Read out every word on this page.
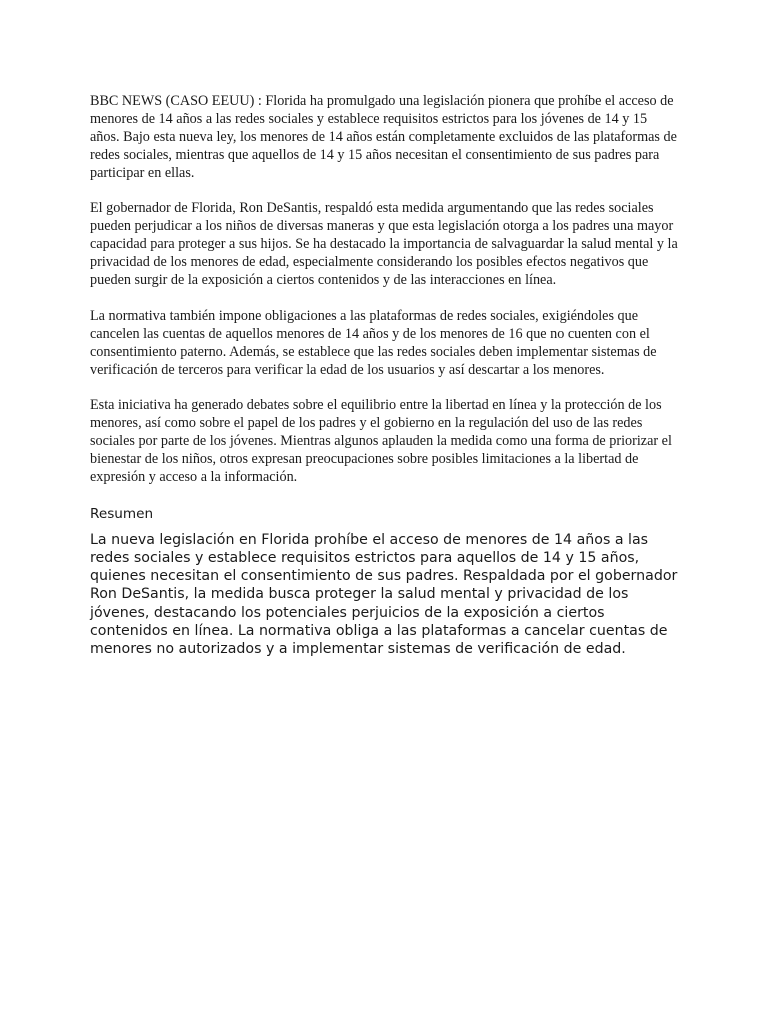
BBC NEWS (CASO EEUU) : Florida ha promulgado una legislación pionera que prohíbe el acceso de menores de 14 años a las redes sociales y establece requisitos estrictos para los jóvenes de 14 y 15 años. Bajo esta nueva ley, los menores de 14 años están completamente excluidos de las plataformas de redes sociales, mientras que aquellos de 14 y 15 años necesitan el consentimiento de sus padres para participar en ellas.

El gobernador de Florida, Ron DeSantis, respaldó esta medida argumentando que las redes sociales pueden perjudicar a los niños de diversas maneras y que esta legislación otorga a los padres una mayor capacidad para proteger a sus hijos. Se ha destacado la importancia de salvaguardar la salud mental y la privacidad de los menores de edad, especialmente considerando los posibles efectos negativos que pueden surgir de la exposición a ciertos contenidos y de las interacciones en línea.

La normativa también impone obligaciones a las plataformas de redes sociales, exigiéndoles que cancelen las cuentas de aquellos menores de 14 años y de los menores de 16 que no cuenten con el consentimiento paterno. Además, se establece que las redes sociales deben implementar sistemas de verificación de terceros para verificar la edad de los usuarios y así descartar a los menores.

Esta iniciativa ha generado debates sobre el equilibrio entre la libertad en línea y la protección de los menores, así como sobre el papel de los padres y el gobierno en la regulación del uso de las redes sociales por parte de los jóvenes. Mientras algunos aplauden la medida como una forma de priorizar el bienestar de los niños, otros expresan preocupaciones sobre posibles limitaciones a la libertad de expresión y acceso a la información.

Resumen

La nueva legislación en Florida prohíbe el acceso de menores de 14 años a las redes sociales y establece requisitos estrictos para aquellos de 14 y 15 años, quienes necesitan el consentimiento de sus padres. Respaldada por el gobernador Ron DeSantis, la medida busca proteger la salud mental y privacidad de los jóvenes, destacando los potenciales perjuicios de la exposición a ciertos contenidos en línea. La normativa obliga a las plataformas a cancelar cuentas de menores no autorizados y a implementar sistemas de verificación de edad.
